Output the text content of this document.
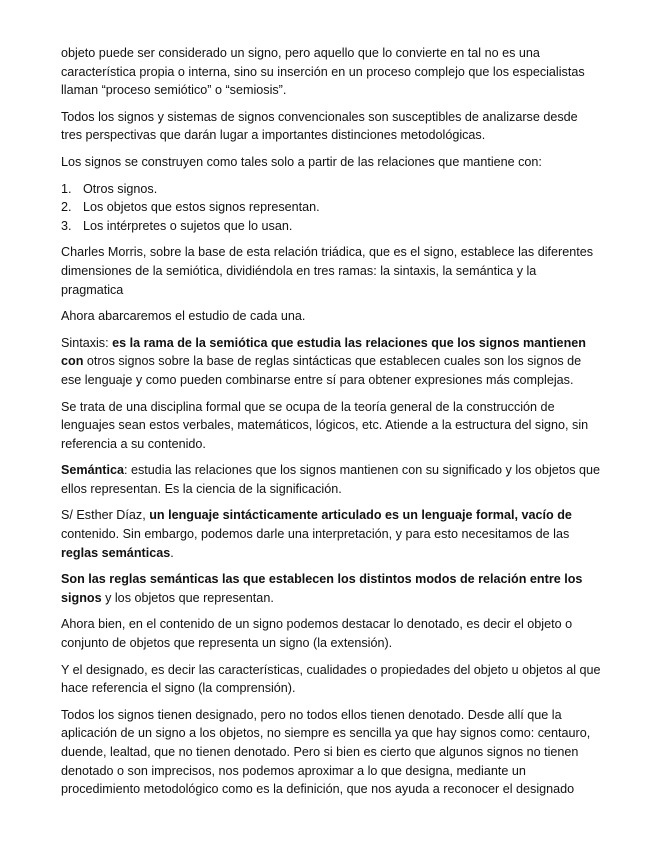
objeto puede ser considerado un signo, pero aquello que lo convierte en tal no es una característica propia o interna, sino su inserción en un proceso complejo que los especialistas llaman “proceso semiótico” o “semiosis”.

Todos los signos y sistemas de signos convencionales son susceptibles de analizarse desde tres perspectivas que darán lugar a importantes distinciones metodológicas.

Los signos se construyen como tales solo a partir de las relaciones que mantiene con:

1. Otros signos.
2. Los objetos que estos signos representan.
3. Los intérpretes o sujetos que lo usan.

Charles Morris, sobre la base de esta relación triádica, que es el signo, establece las diferentes dimensiones de la semiótica, dividiéndola en tres ramas: la sintaxis, la semántica y la pragmatica

Ahora abarcaremos el estudio de cada una.

Sintaxis: es la rama de la semiótica que estudia las relaciones que los signos mantienen con otros signos sobre la base de reglas sintácticas que establecen cuales son los signos de ese lenguaje y como pueden combinarse entre sí para obtener expresiones más complejas.

Se trata de una disciplina formal que se ocupa de la teoría general de la construcción de lenguajes sean estos verbales, matemáticos, lógicos, etc. Atiende a la estructura del signo, sin referencia a su contenido.

Semántica: estudia las relaciones que los signos mantienen con su significado y los objetos que ellos representan. Es la ciencia de la significación.

S/ Esther Díaz, un lenguaje sintácticamente articulado es un lenguaje formal, vacío de contenido. Sin embargo, podemos darle una interpretación, y para esto necesitamos de las reglas semánticas.

Son las reglas semánticas las que establecen los distintos modos de relación entre los signos y los objetos que representan.

Ahora bien, en el contenido de un signo podemos destacar lo denotado, es decir el objeto o conjunto de objetos que representa un signo (la extensión).

Y el designado, es decir las características, cualidades o propiedades del objeto u objetos al que hace referencia el signo (la comprensión).

Todos los signos tienen designado, pero no todos ellos tienen denotado. Desde allí que la aplicación de un signo a los objetos, no siempre es sencilla ya que hay signos como: centauro, duende, lealtad, que no tienen denotado. Pero si bien es cierto que algunos signos no tienen denotado o son imprecisos, nos podemos aproximar a lo que designa, mediante un procedimiento metodológico como es la definición, que nos ayuda a reconocer el designado
